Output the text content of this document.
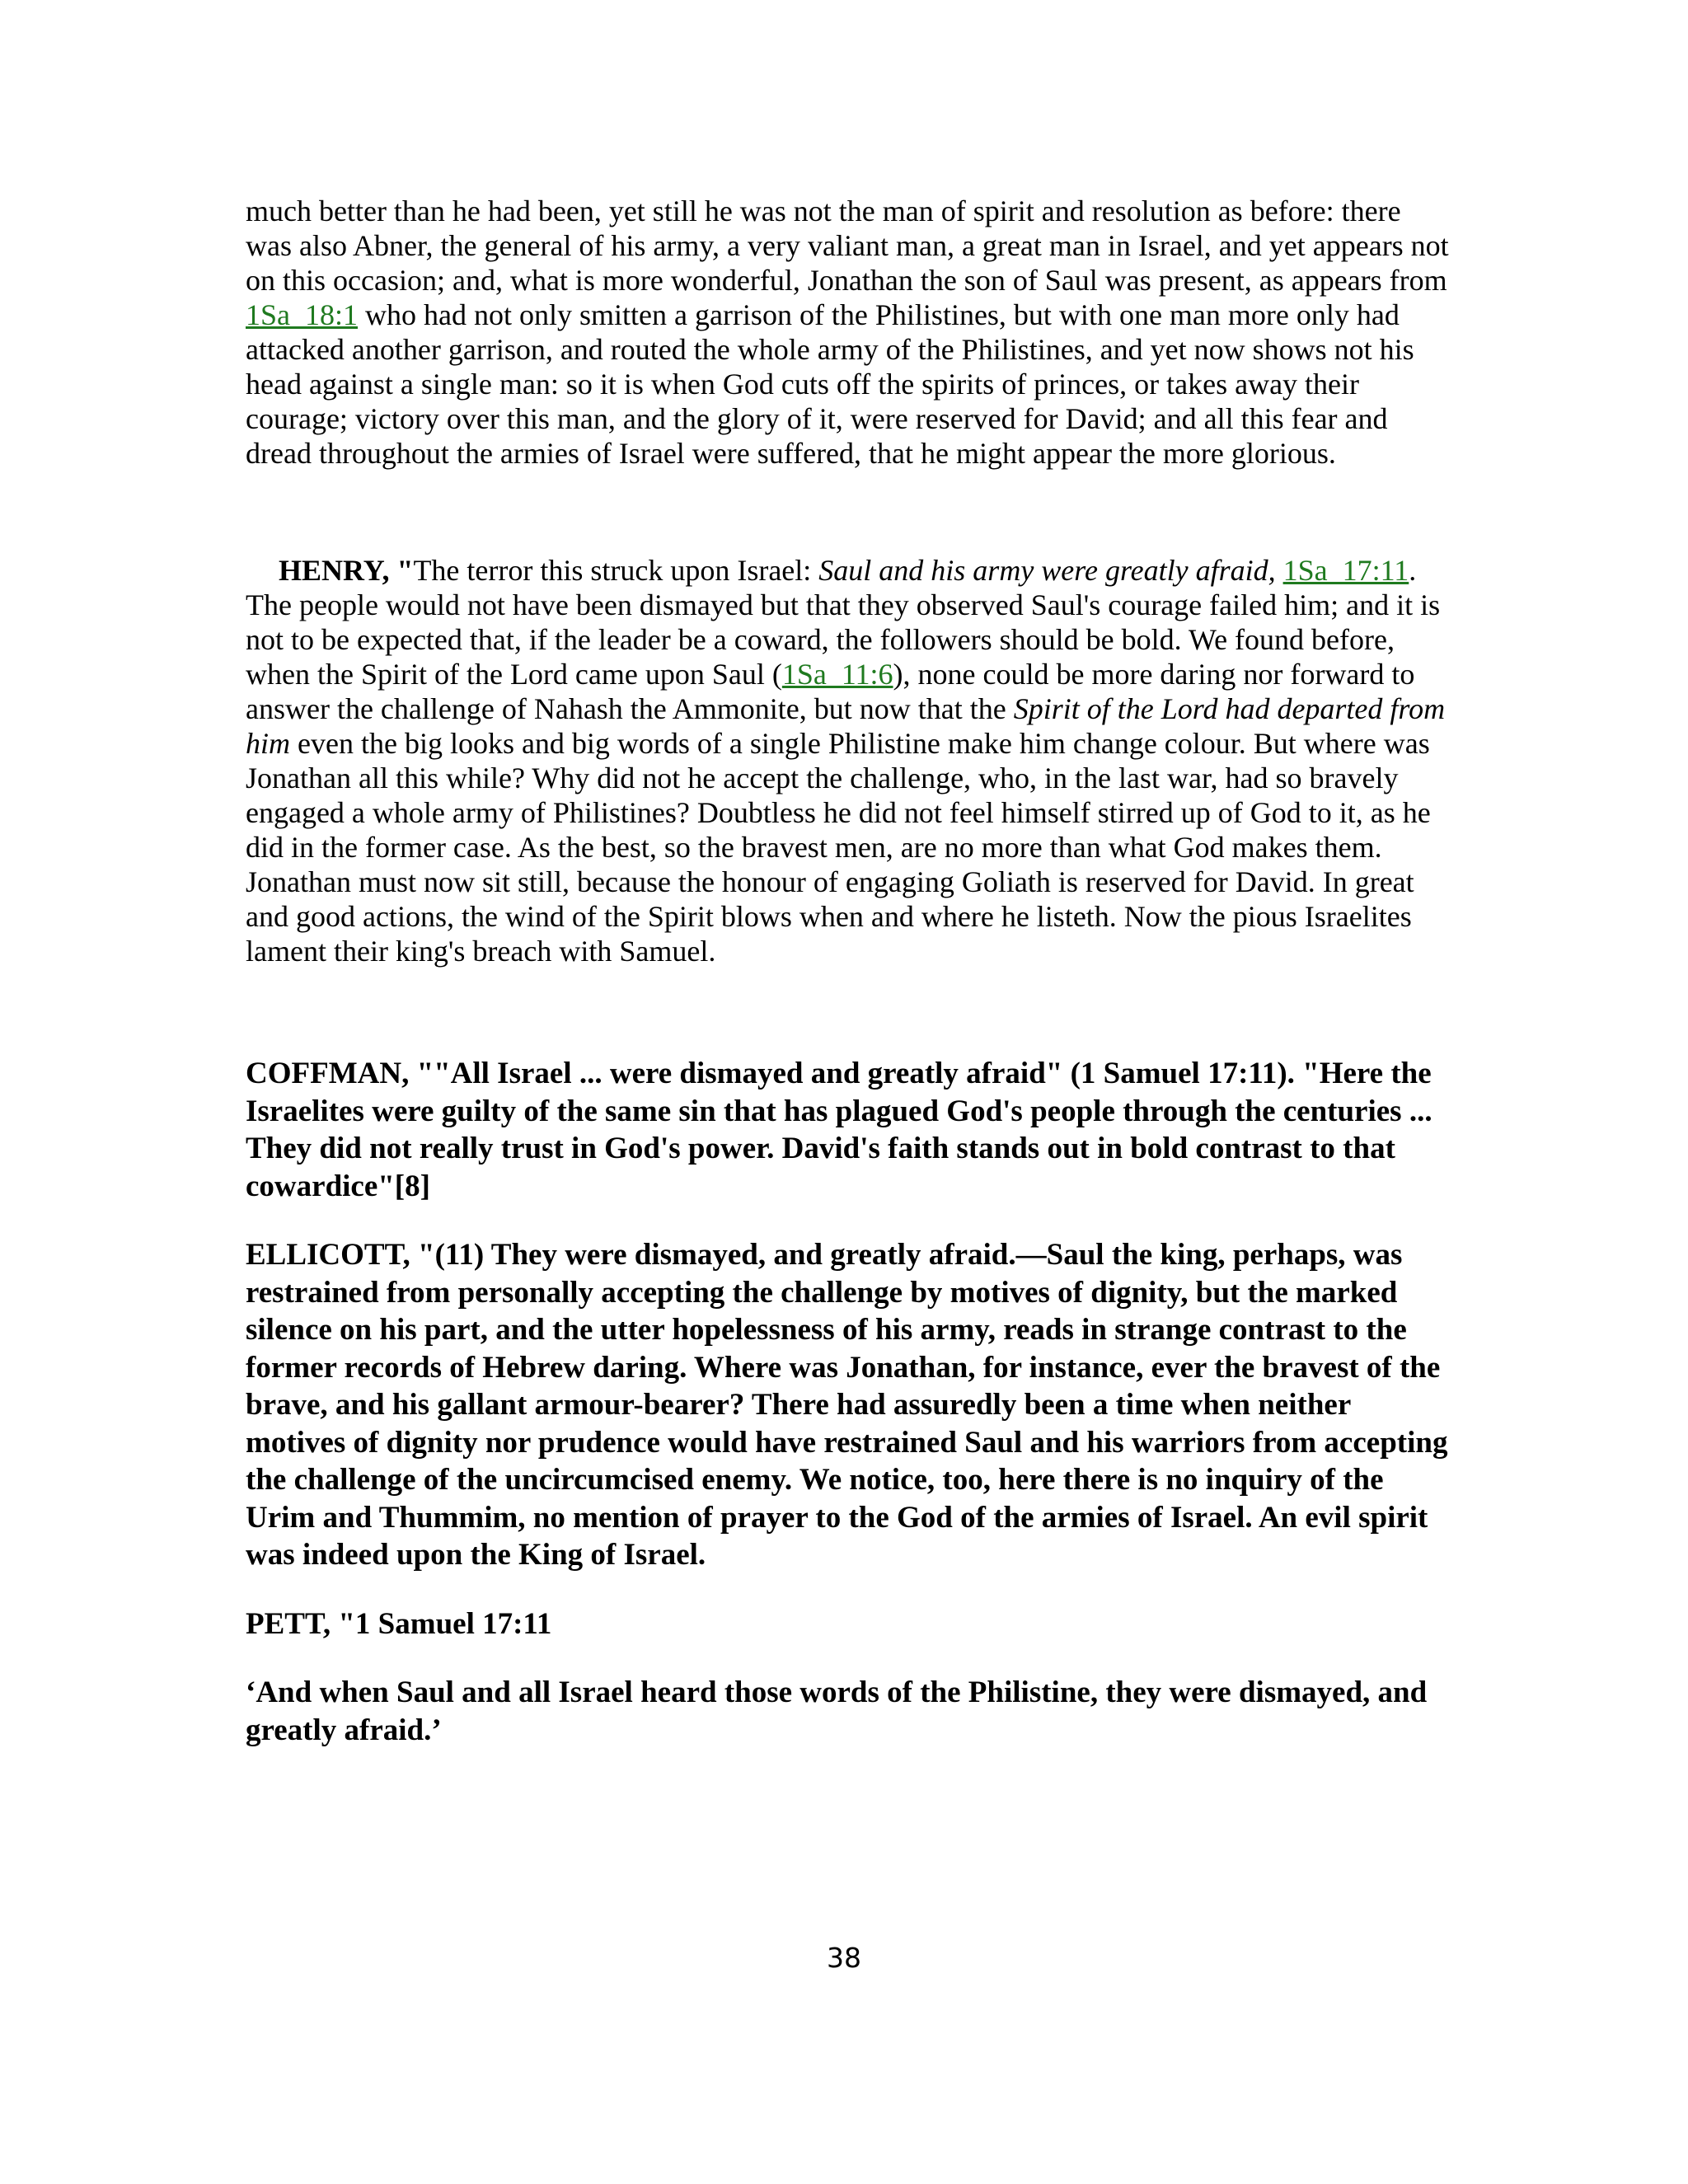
much better than he had been, yet still he was not the man of spirit and resolution as before: there was also Abner, the general of his army, a very valiant man, a great man in Israel, and yet appears not on this occasion; and, what is more wonderful, Jonathan the son of Saul was present, as appears from 1Sa_18:1 who had not only smitten a garrison of the Philistines, but with one man more only had attacked another garrison, and routed the whole army of the Philistines, and yet now shows not his head against a single man: so it is when God cuts off the spirits of princes, or takes away their courage; victory over this man, and the glory of it, were reserved for David; and all this fear and dread throughout the armies of Israel were suffered, that he might appear the more glorious.

HENRY, "The terror this struck upon Israel: Saul and his army were greatly afraid, 1Sa_17:11. The people would not have been dismayed but that they observed Saul's courage failed him; and it is not to be expected that, if the leader be a coward, the followers should be bold. We found before, when the Spirit of the Lord came upon Saul (1Sa_11:6), none could be more daring nor forward to answer the challenge of Nahash the Ammonite, but now that the Spirit of the Lord had departed from him even the big looks and big words of a single Philistine make him change colour. But where was Jonathan all this while? Why did not he accept the challenge, who, in the last war, had so bravely engaged a whole army of Philistines? Doubtless he did not feel himself stirred up of God to it, as he did in the former case. As the best, so the bravest men, are no more than what God makes them. Jonathan must now sit still, because the honour of engaging Goliath is reserved for David. In great and good actions, the wind of the Spirit blows when and where he listeth. Now the pious Israelites lament their king's breach with Samuel.

COFFMAN, ""All Israel ... were dismayed and greatly afraid" (1 Samuel 17:11). "Here the Israelites were guilty of the same sin that has plagued God's people through the centuries ... They did not really trust in God's power. David's faith stands out in bold contrast to that cowardice"[8]

ELLICOTT, "(11) They were dismayed, and greatly afraid.—Saul the king, perhaps, was restrained from personally accepting the challenge by motives of dignity, but the marked silence on his part, and the utter hopelessness of his army, reads in strange contrast to the former records of Hebrew daring. Where was Jonathan, for instance, ever the bravest of the brave, and his gallant armour-bearer? There had assuredly been a time when neither motives of dignity nor prudence would have restrained Saul and his warriors from accepting the challenge of the uncircumcised enemy. We notice, too, here there is no inquiry of the Urim and Thummim, no mention of prayer to the God of the armies of Israel. An evil spirit was indeed upon the King of Israel.

PETT, "1 Samuel 17:11

‘And when Saul and all Israel heard those words of the Philistine, they were dismayed, and greatly afraid.’

38
